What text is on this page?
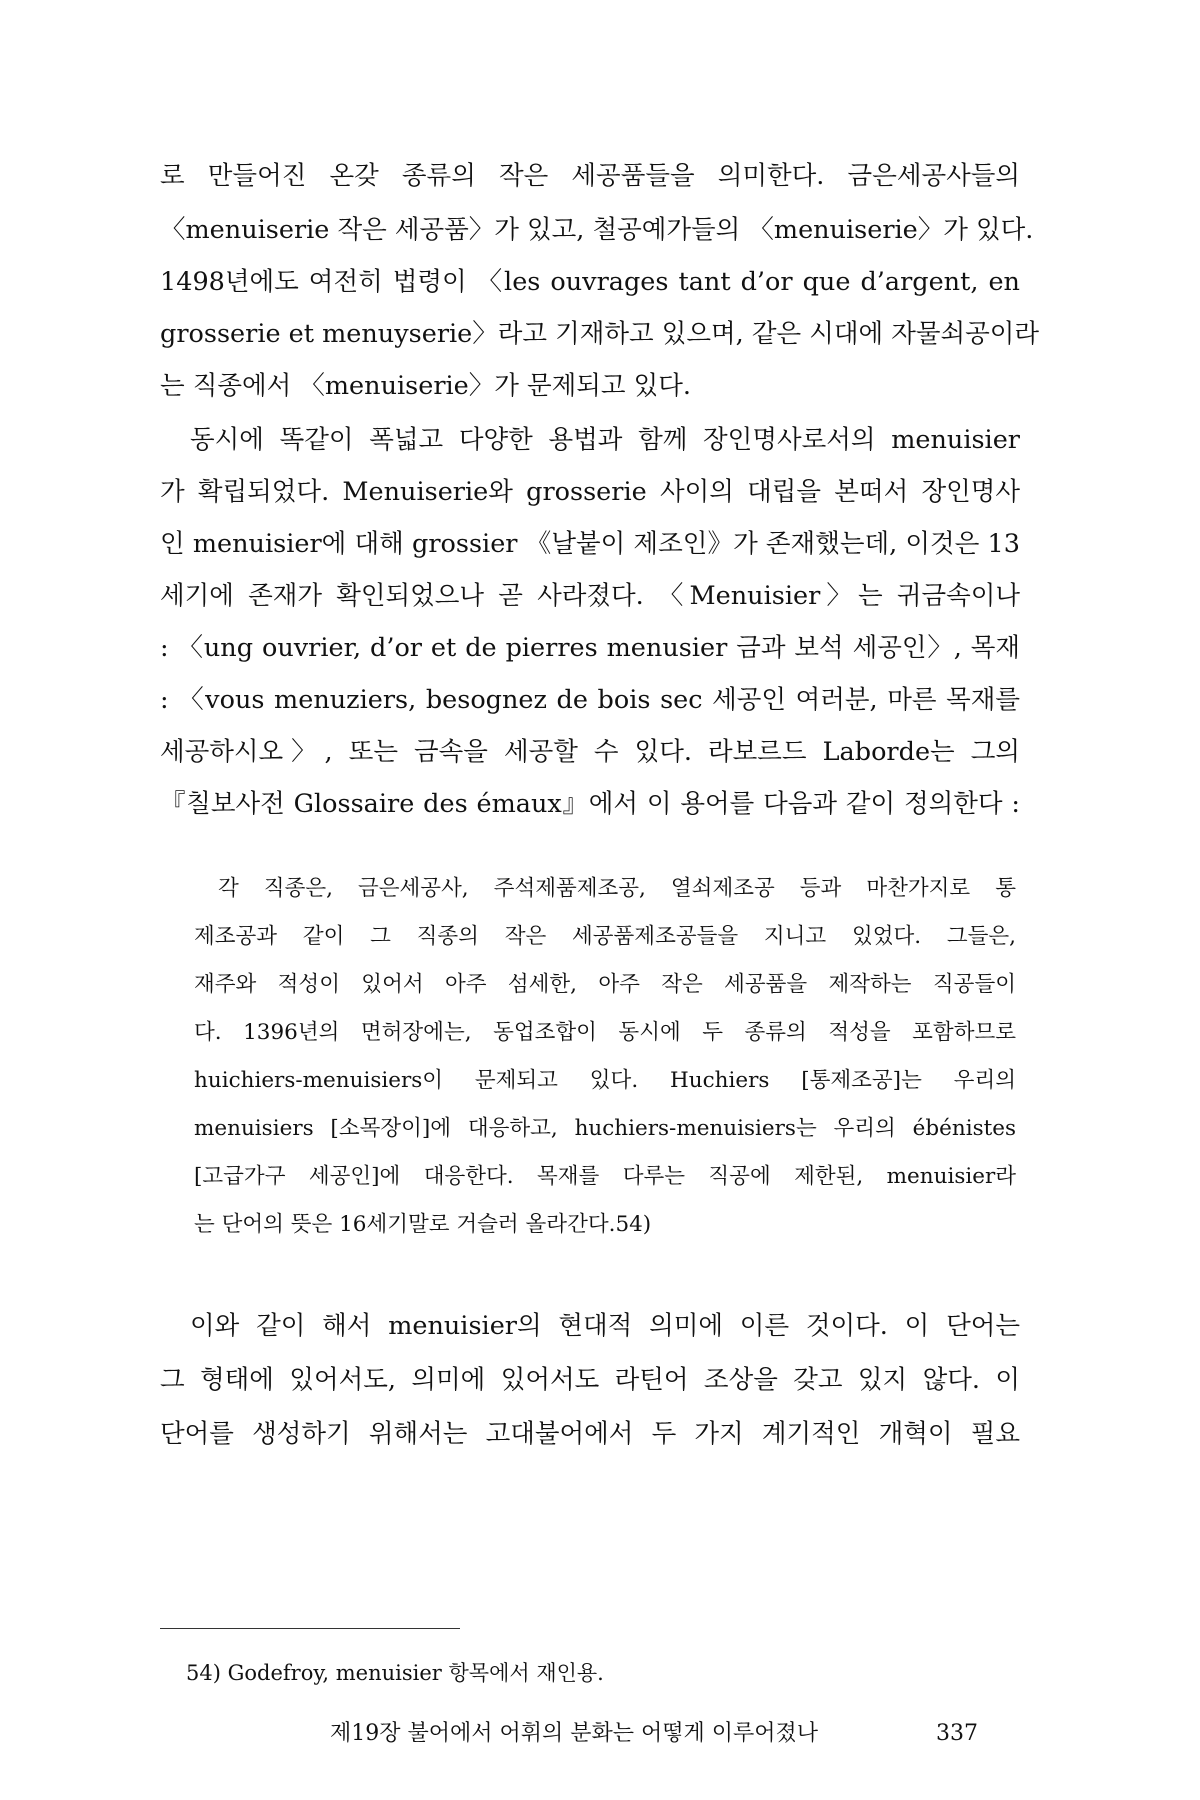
로 만들어진 온갖 종류의 작은 세공품들을 의미한다. 금은세공사들의
〈menuiserie 작은 세공품〉가 있고, 철공예가들의 〈menuiserie〉가 있다.
1498년에도 여전히 법령이 〈les ouvrages tant d’or que d’argent, en
grosserie et menuyserie〉라고 기재하고 있으며, 같은 시대에 자물쇠공이라
는 직종에서 〈menuiserie〉가 문제되고 있다.
동시에 똑같이 폭넓고 다양한 용법과 함께 장인명사로서의 menuisier
가 확립되었다. Menuiserie와 grosserie 사이의 대립을 본떠서 장인명사
인 menuisier에 대해 grossier 《날붙이 제조인》가 존재했는데, 이것은 13
세기에 존재가 확인되었으나 곧 사라졌다. 〈Menuisier〉는 귀금속이나
: 〈ung ouvrier, d’or et de pierres menusier 금과 보석 세공인〉, 목재
: 〈vous menuziers, besognez de bois sec 세공인 여러분, 마른 목재를
세공하시오〉, 또는 금속을 세공할 수 있다. 라보르드 Laborde는 그의
『칠보사전 Glossaire des émaux』에서 이 용어를 다음과 같이 정의한다 :
각 직종은, 금은세공사, 주석제품제조공, 열쇠제조공 등과 마찬가지로 통
제조공과 같이 그 직종의 작은 세공품제조공들을 지니고 있었다. 그들은,
재주와 적성이 있어서 아주 섬세한, 아주 작은 세공품을 제작하는 직공들이
다. 1396년의 면허장에는, 동업조합이 동시에 두 종류의 적성을 포함하므로
huichiers-menuisiers이 문제되고 있다. Huchiers [통제조공]는 우리의
menuisiers [소목장이]에 대응하고, huchiers-menuisiers는 우리의 ébénistes
[고급가구 세공인]에 대응한다. 목재를 다루는 직공에 제한된, menuisier라
는 단어의 뜻은 16세기말로 거슬러 올라간다.54)
이와 같이 해서 menuisier의 현대적 의미에 이른 것이다. 이 단어는
그 형태에 있어서도, 의미에 있어서도 라틴어 조상을 갖고 있지 않다. 이
단어를 생성하기 위해서는 고대불어에서 두 가지 계기적인 개혁이 필요
54) Godefroy, menuisier 항목에서 재인용.
제19장 불어에서 어휘의 분화는 어떻게 이루어졌나	337
